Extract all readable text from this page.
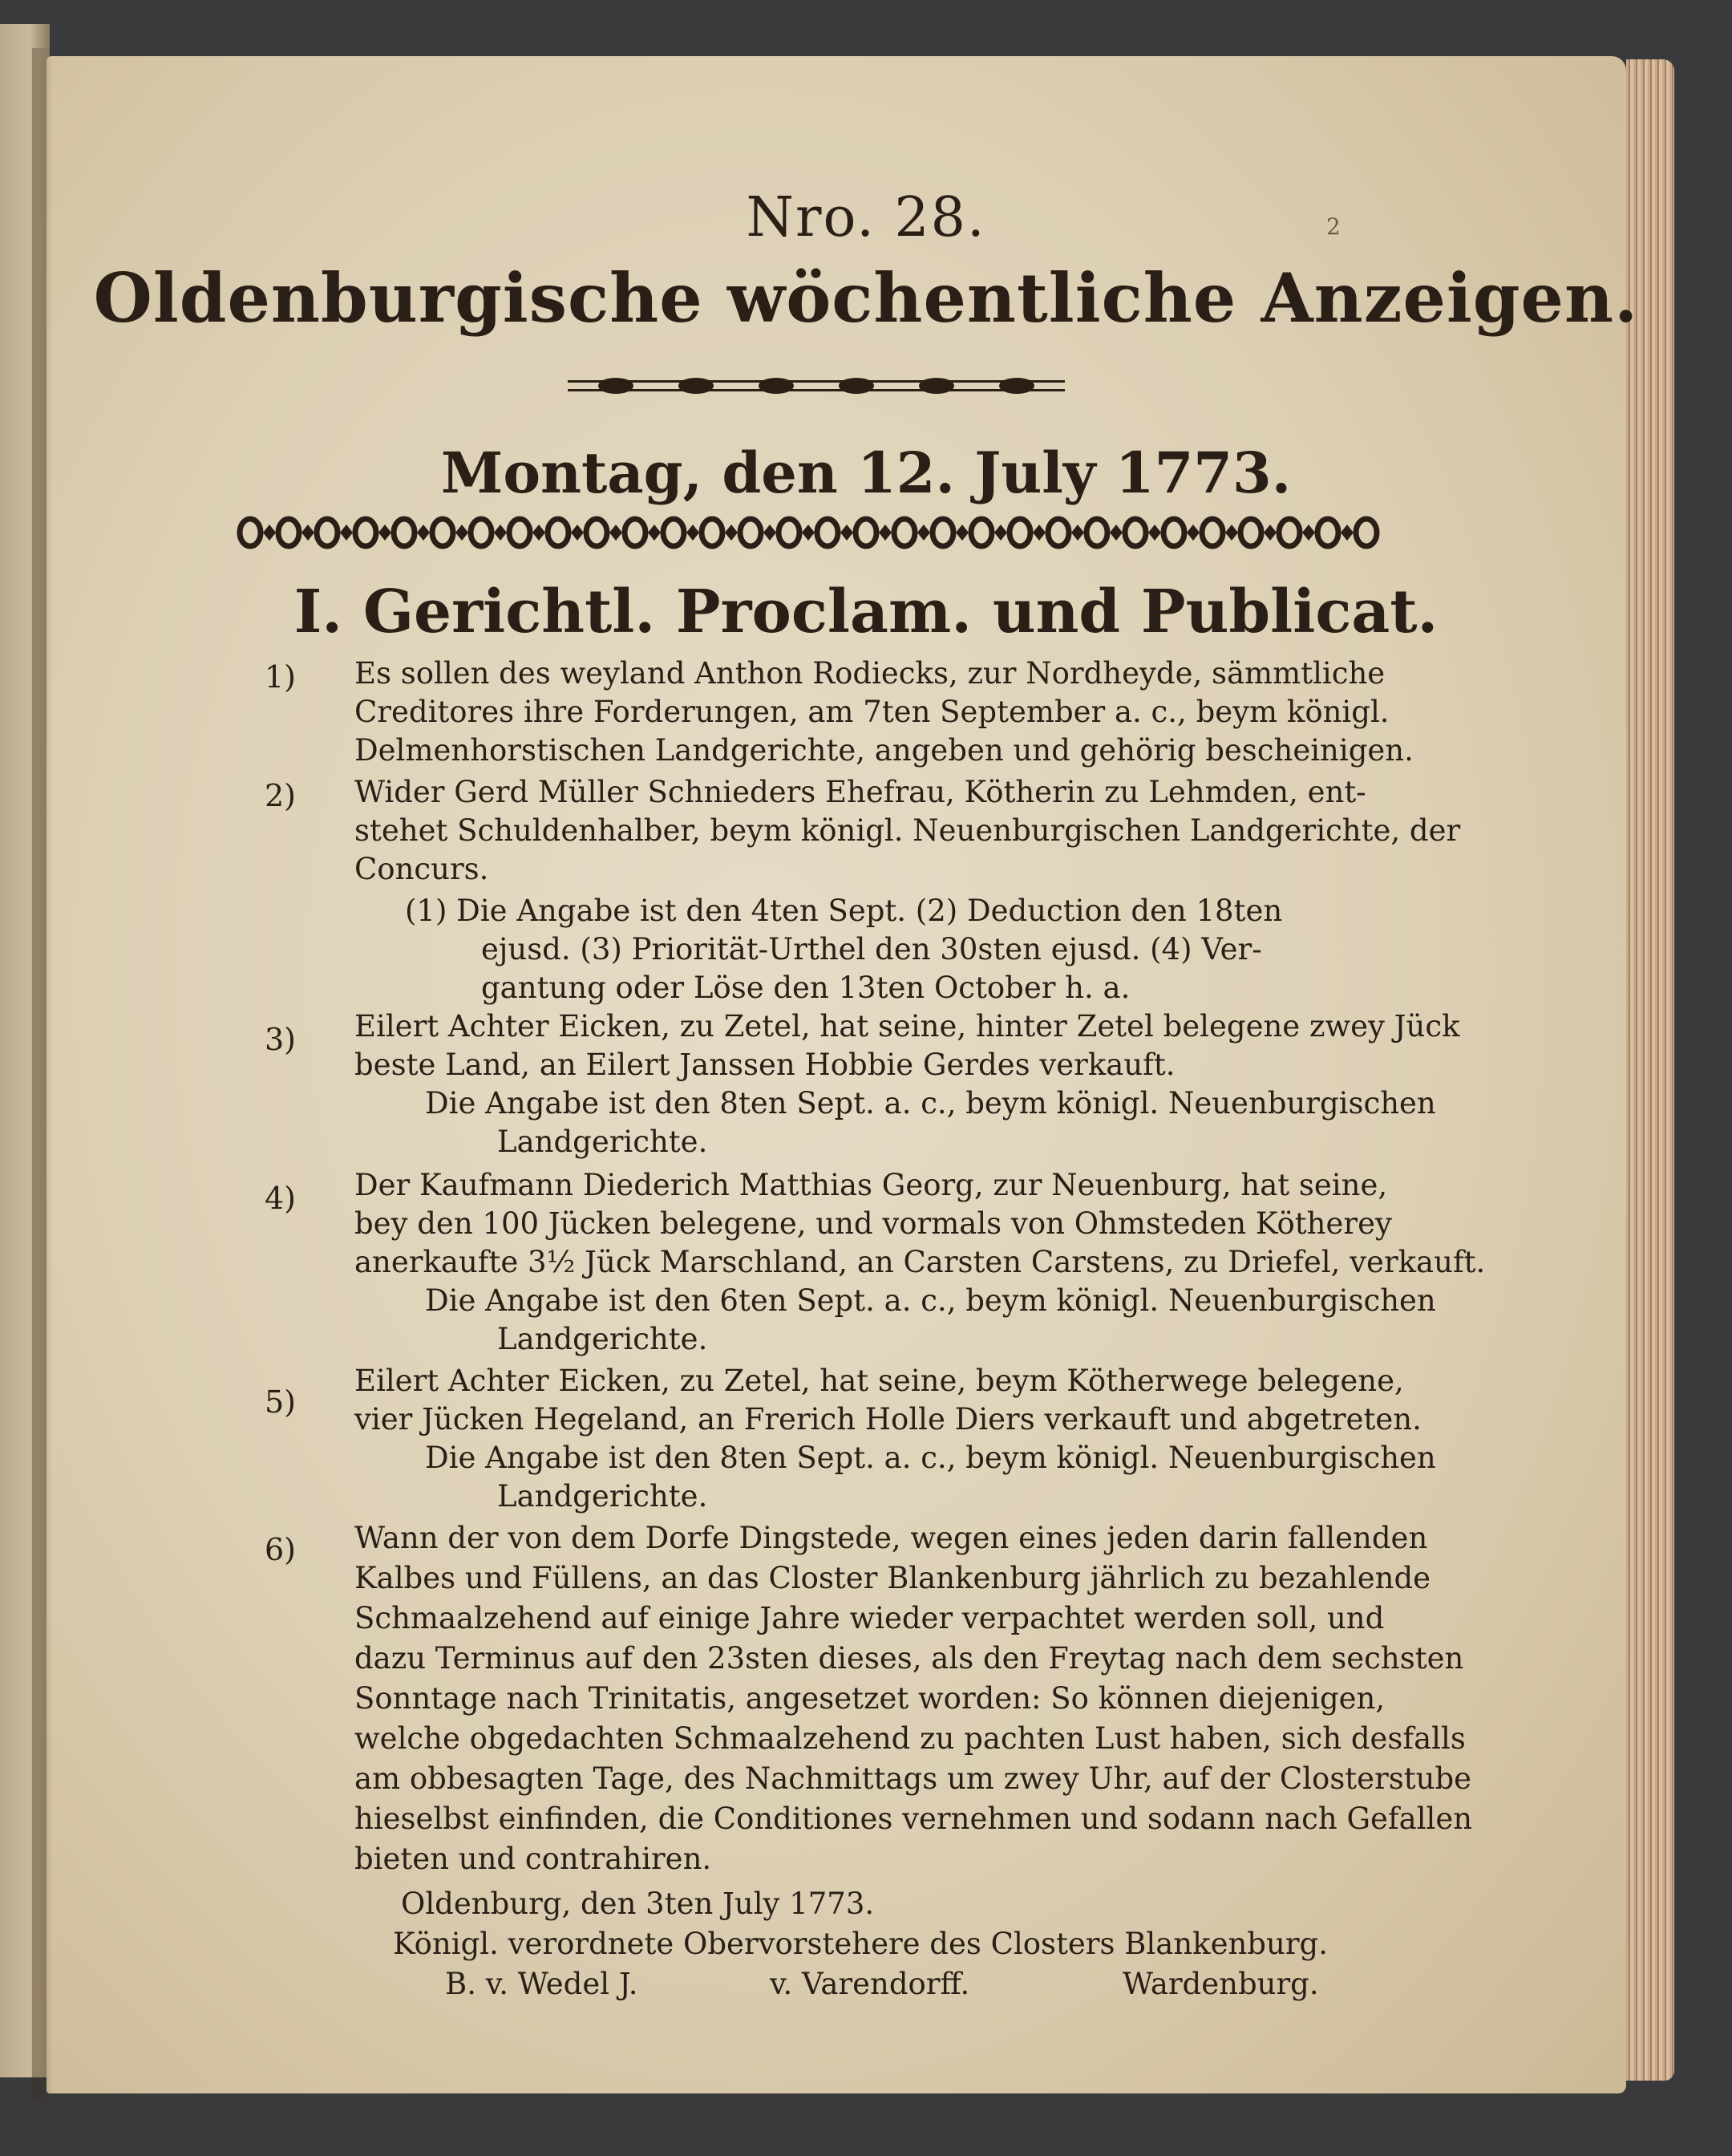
2
Nro. 28.
Oldenburgische wöchentliche Anzeigen.
Montag, den 12. July 1773.
I. Gerichtl. Proclam. und Publicat.
1) Es sollen des weyland Anthon Rodiecks, zur Nordheyde, sämmtliche
Creditores ihre Forderungen, am 7ten September a. c., beym königl.
Delmenhorstischen Landgerichte, angeben und gehörig bescheinigen.
2) Wider Gerd Müller Schnieders Ehefrau, Kötherin zu Lehmden, ent-
stehet Schuldenhalber, beym königl. Neuenburgischen Landgerichte, der
Concurs.
(1) Die Angabe ist den 4ten Sept. (2) Deduction den 18ten
ejusd. (3) Priorität-Urthel den 30sten ejusd. (4) Ver-
gantung oder Löse den 13ten October h. a.
3) Eilert Achter Eicken, zu Zetel, hat seine, hinter Zetel belegene zwey Jück
beste Land, an Eilert Janssen Hobbie Gerdes verkauft.
Die Angabe ist den 8ten Sept. a. c., beym königl. Neuenburgischen
Landgerichte.
4) Der Kaufmann Diederich Matthias Georg, zur Neuenburg, hat seine,
bey den 100 Jücken belegene, und vormals von Ohmsteden Kötherey
anerkaufte 3½ Jück Marschland, an Carsten Carstens, zu Driefel, verkauft.
Die Angabe ist den 6ten Sept. a. c., beym königl. Neuenburgischen
Landgerichte.
5)
Eilert Achter Eicken, zu Zetel, hat seine, beym Kötherwege belegene,
vier Jücken Hegeland, an Frerich Holle Diers verkauft und abgetreten.
Die Angabe ist den 8ten Sept. a. c., beym königl. Neuenburgischen
Landgerichte.
6) Wann der von dem Dorfe Dingstede, wegen eines jeden darin fallenden
Kalbes und Füllens, an das Closter Blankenburg jährlich zu bezahlende
Schmaalzehend auf einige Jahre wieder verpachtet werden soll, und
dazu Terminus auf den 23sten dieses, als den Freytag nach dem sechsten
Sonntage nach Trinitatis, angesetzet worden: So können diejenigen,
welche obgedachten Schmaalzehend zu pachten Lust haben, sich desfalls
am obbesagten Tage, des Nachmittags um zwey Uhr, auf der Closterstube
hieselbst einfinden, die Conditiones vernehmen und sodann nach Gefallen
bieten und contrahiren.
Oldenburg, den 3ten July 1773.
Königl. verordnete Obervorstehere des Closters Blankenburg.
B. v. Wedel J.	v. Varendorff.	Wardenburg.
